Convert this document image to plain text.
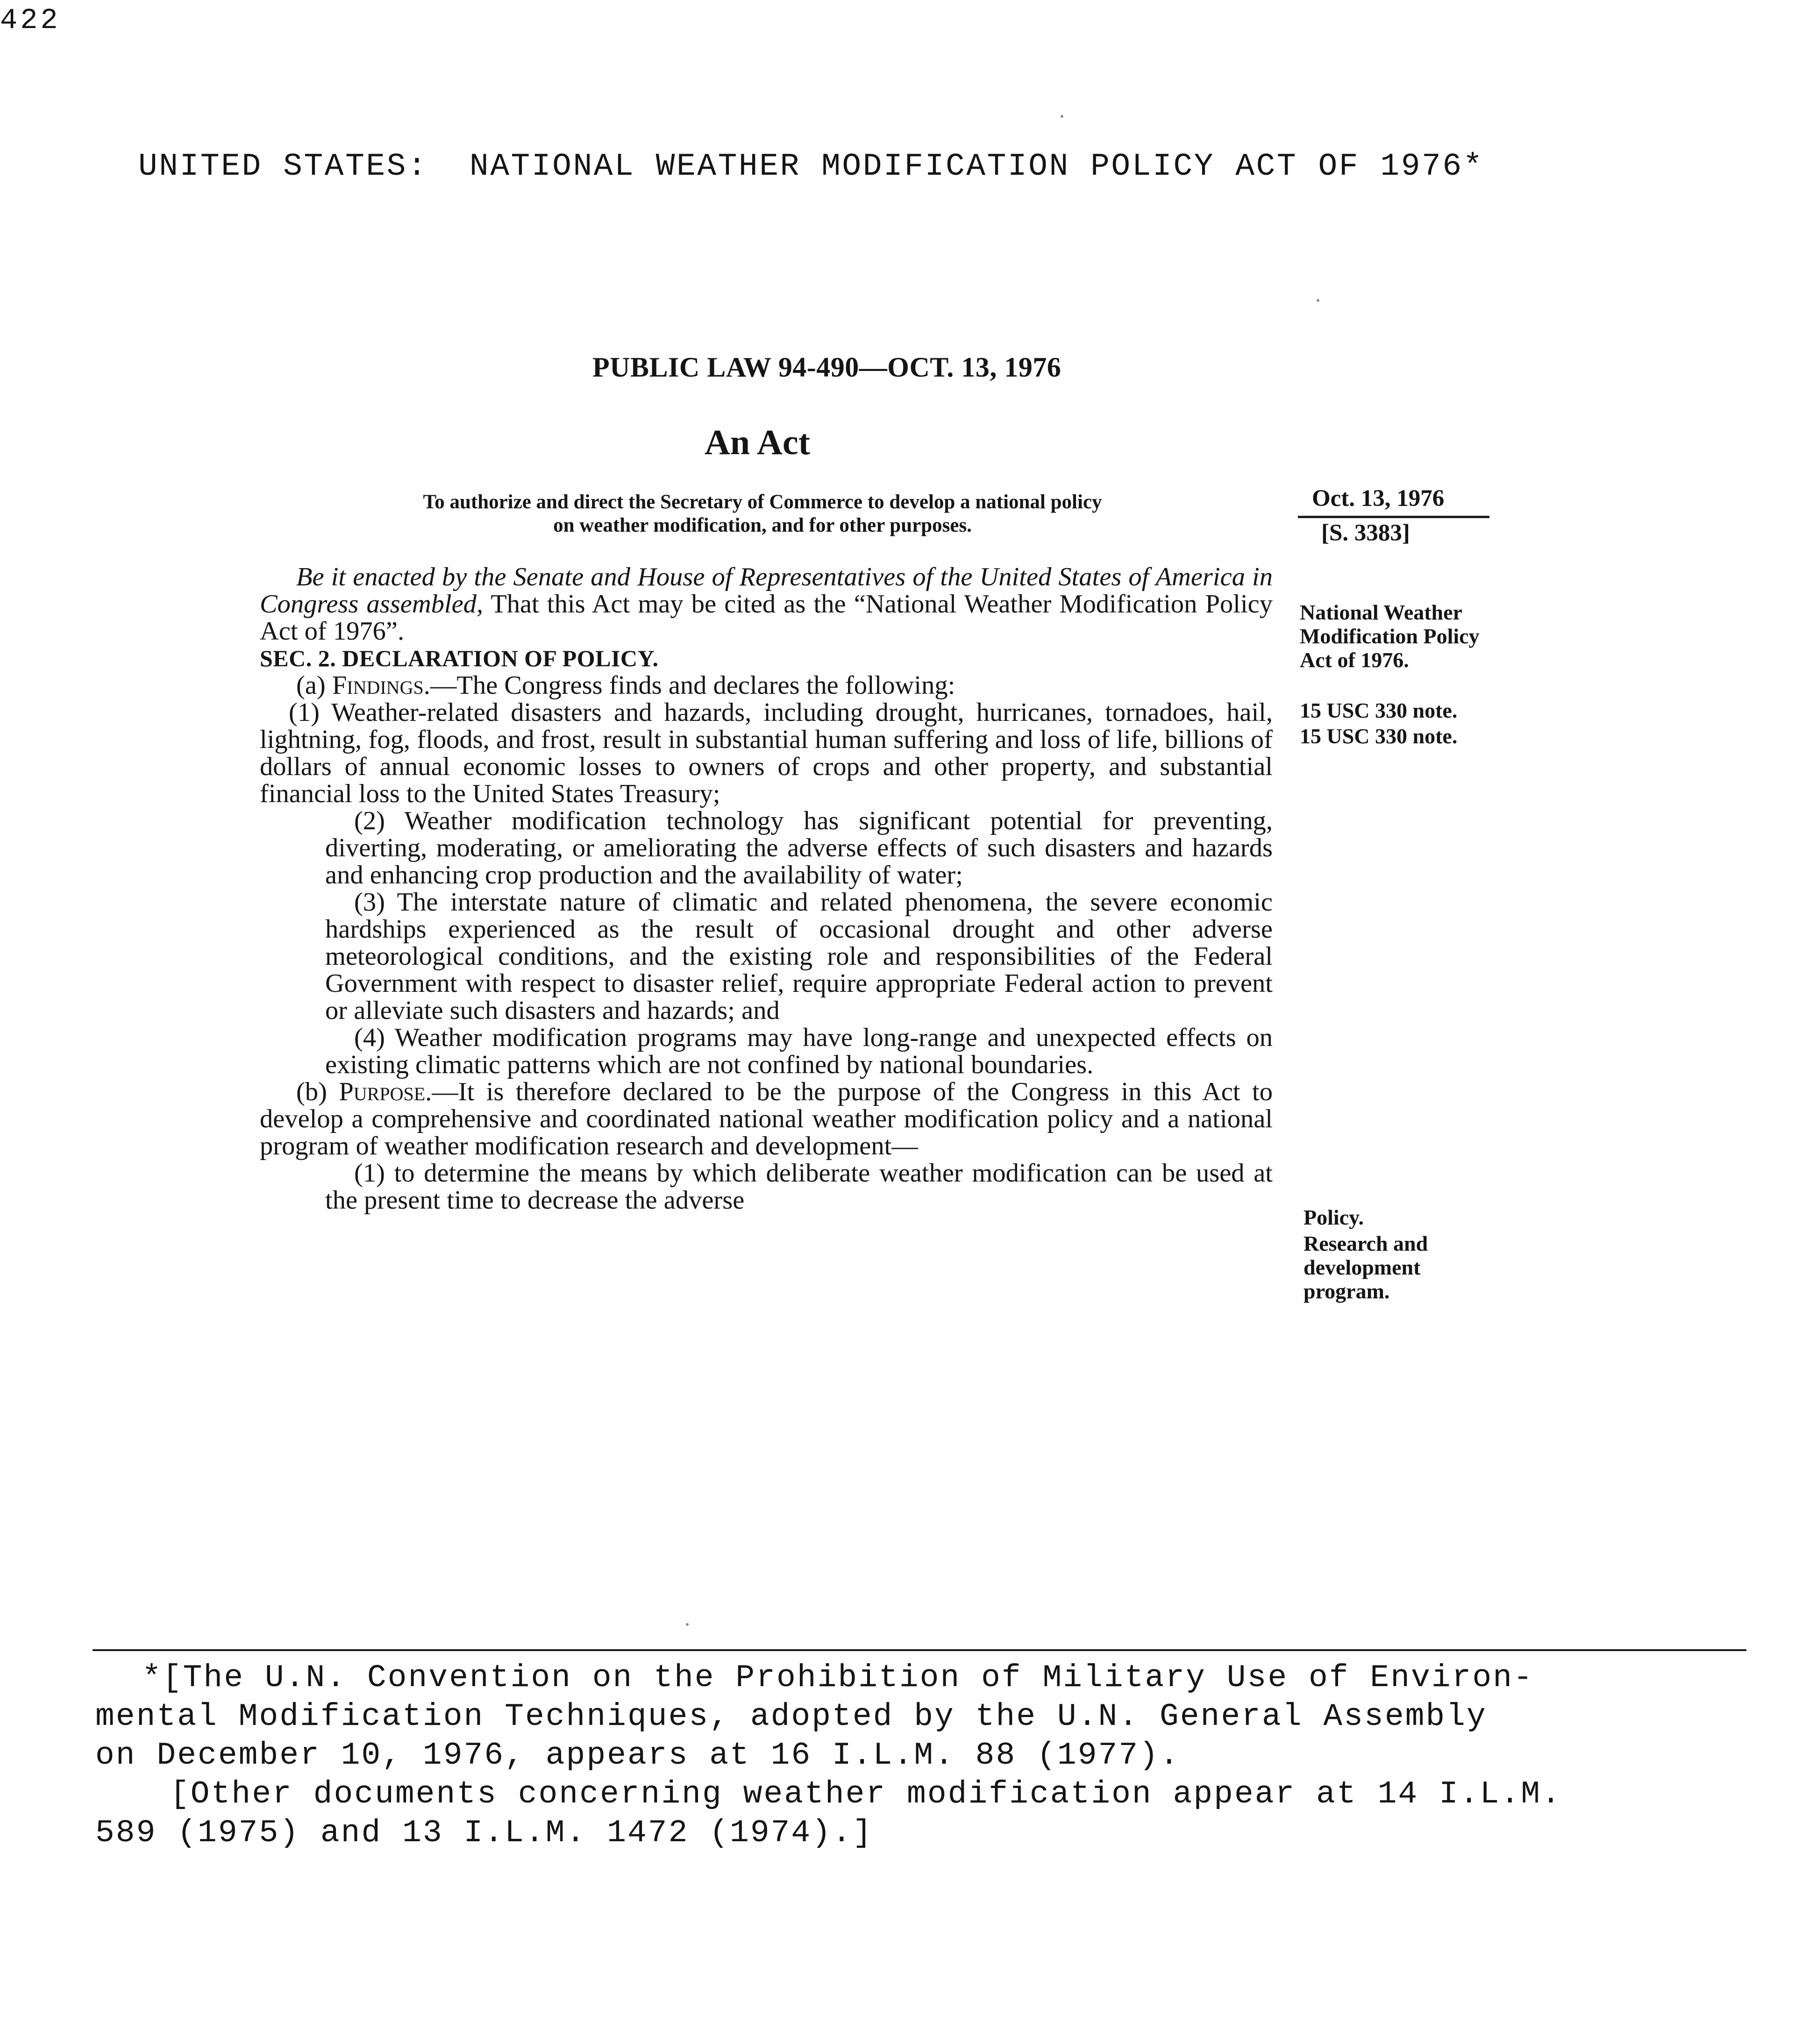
422
UNITED STATES:  NATIONAL WEATHER MODIFICATION POLICY ACT OF 1976*
PUBLIC LAW 94-490—OCT. 13, 1976
An Act
To authorize and direct the Secretary of Commerce to develop a national policy
on weather modification, and for other purposes.
Oct. 13, 1976
[S. 3383]

Be it enacted by the Senate and House of Representatives of the United States of America in Congress assembled, That this Act may be cited as the “National Weather Modification Policy Act of 1976”.

SEC. 2. DECLARATION OF POLICY.

(a) Findings.—The Congress finds and declares the following:

(1) Weather-related disasters and hazards, including drought, hurricanes, tornadoes, hail, lightning, fog, floods, and frost, result in substantial human suffering and loss of life, billions of dollars of annual economic losses to owners of crops and other property, and substantial financial loss to the United States Treasury;

(2) Weather modification technology has significant potential for preventing, diverting, moderating, or ameliorating the adverse effects of such disasters and hazards and enhancing crop production and the availability of water;

(3) The interstate nature of climatic and related phenomena, the severe economic hardships experienced as the result of occasional drought and other adverse meteorological conditions, and the existing role and responsibilities of the Federal Government with respect to disaster relief, require appropriate Federal action to prevent or alleviate such disasters and hazards; and

(4) Weather modification programs may have long-range and unexpected effects on existing climatic patterns which are not confined by national boundaries.

(b) Purpose.—It is therefore declared to be the purpose of the Congress in this Act to develop a comprehensive and coordinated national weather modification policy and a national program of weather modification research and development—

(1) to determine the means by which deliberate weather modification can be used at the present time to decrease the adverse

National Weather Modification Policy Act of 1976.
15 USC 330 note.
15 USC 330 note.
Policy.
Research and development program.

*[The U.N. Convention on the Prohibition of Military Use of Environ-

mental Modification Techniques, adopted by the U.N. General Assembly

on December 10, 1976, appears at 16 I.L.M. 88 (1977).

[Other documents concerning weather modification appear at 14 I.L.M.

589 (1975) and 13 I.L.M. 1472 (1974).]
